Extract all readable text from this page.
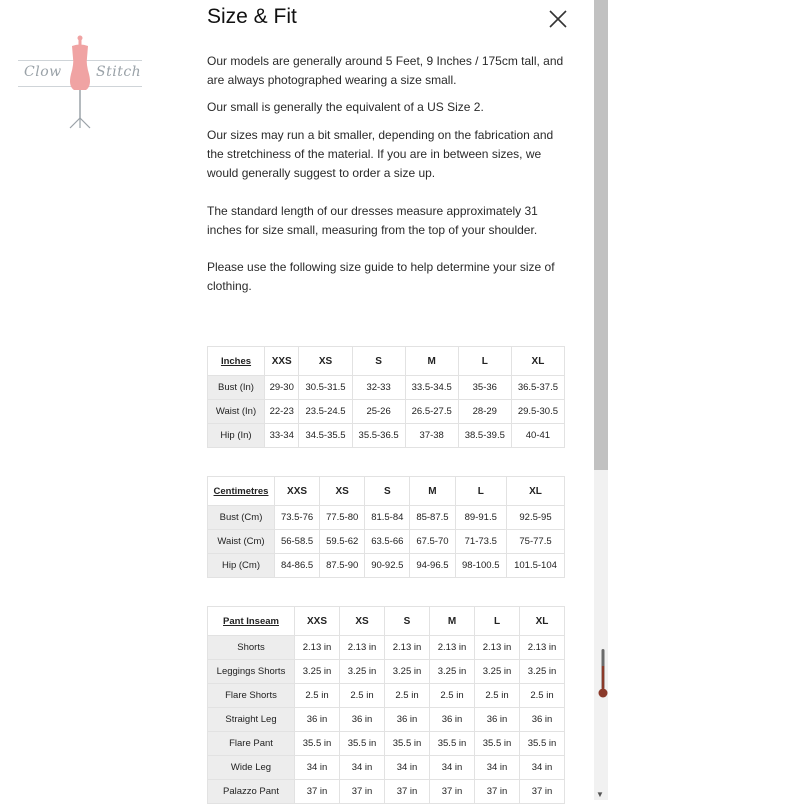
Clow Stitch
Size & Fit

Our models are generally around 5 Feet, 9 Inches / 175cm tall, and are always photographed wearing a size small.

Our small is generally the equivalent of a US Size 2.

Our sizes may run a bit smaller, depending on the fabrication and the stretchiness of the material. If you are in between sizes, we would generally suggest to order a size up.

The standard length of our dresses measure approximately 31 inches for size small, measuring from the top of your shoulder.

Please use the following size guide to help determine your size of clothing.

Inches	XXS	XS	S	M	L	XL
Bust (In)	29-30	30.5-31.5	32-33	33.5-34.5	35-36	36.5-37.5
Waist (In)	22-23	23.5-24.5	25-26	26.5-27.5	28-29	29.5-30.5
Hip (In)	33-34	34.5-35.5	35.5-36.5	37-38	38.5-39.5	40-41
Centimetres	XXS	XS	S	M	L	XL
Bust (Cm)	73.5-76	77.5-80	81.5-84	85-87.5	89-91.5	92.5-95
Waist (Cm)	56-58.5	59.5-62	63.5-66	67.5-70	71-73.5	75-77.5
Hip (Cm)	84-86.5	87.5-90	90-92.5	94-96.5	98-100.5	101.5-104
Pant Inseam	XXS	XS	S	M	L	XL
Shorts	2.13 in	2.13 in	2.13 in	2.13 in	2.13 in	2.13 in
Leggings Shorts	3.25 in	3.25 in	3.25 in	3.25 in	3.25 in	3.25 in
Flare Shorts	2.5 in	2.5 in	2.5 in	2.5 in	2.5 in	2.5 in
Straight Leg	36 in	36 in	36 in	36 in	36 in	36 in
Flare Pant	35.5 in	35.5 in	35.5 in	35.5 in	35.5 in	35.5 in
Wide Leg	34 in	34 in	34 in	34 in	34 in	34 in
Palazzo Pant	37 in	37 in	37 in	37 in	37 in	37 in	▼
